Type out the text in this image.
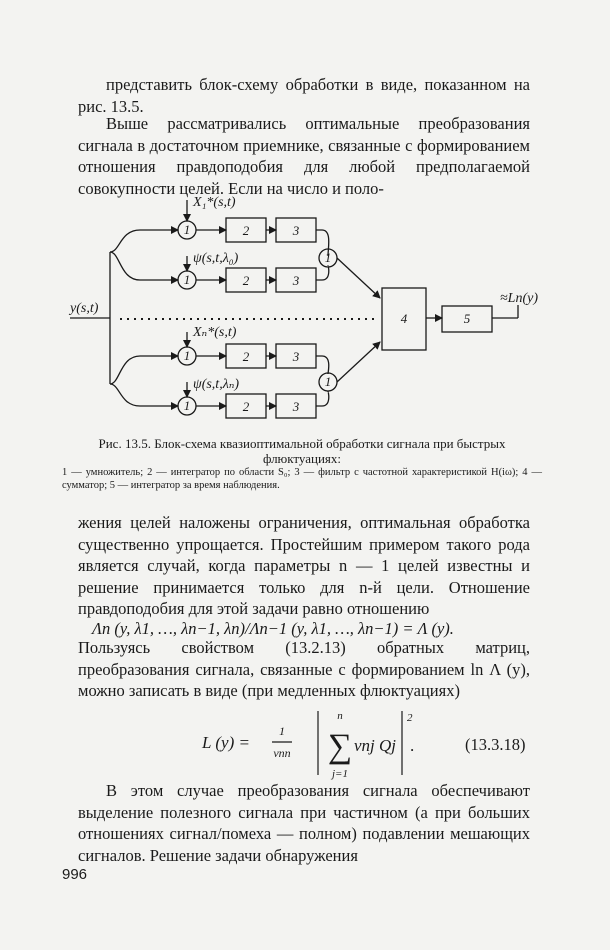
представить блок-схему обработки в виде, показанном на рис. 13.5.
Выше рассматривались оптимальные преобразования сигнала в достаточном приемнике, связанные с формированием отношения правдоподобия для любой предполагаемой совокупности целей. Если на число и поло-
1
1
1
1
1
1
2
2
2
2
3
3
3
3
4	5
y(s,t)
≈Ln(y)
X₁*(s,t)
ψ(s,t,λ₀)
Xₙ*(s,t)
ψ(s,t,λₙ)
Рис. 13.5. Блок-схема квазиоптимальной обработки сигнала при быстрых флюктуациях:
1 — умножитель; 2 — интегратор по области S₀; 3 — фильтр с частотной характеристикой H(iω); 4 — сумматор; 5 — интегратор за время наблюдения.
жения целей наложены ограничения, оптимальная обработка существенно упрощается. Простейшим примером такого рода является случай, когда параметры n — 1 целей известны и решение принимается только для n-й цели. Отношение правдоподобия для этой задачи равно отношению
Λn (y, λ1, …, λn−1, λn)/Λn−1 (y, λ1, …, λn−1) = Λ (y).
Пользуясь свойством (13.2.13) обратных матриц, преобразования сигнала, связанные с формированием ln Λ (y), можно записать в виде (при медленных флюктуациях)
L (y) =
1
vnn
n
j=1
vnj Qj
2
∑	.	(13.3.18)
В этом случае преобразования сигнала обеспечивают выделение полезного сигнала при частичном (а при больших отношениях сигнал/помеха — полном) подавлении мешающих сигналов. Решение задачи обнаружения
996
